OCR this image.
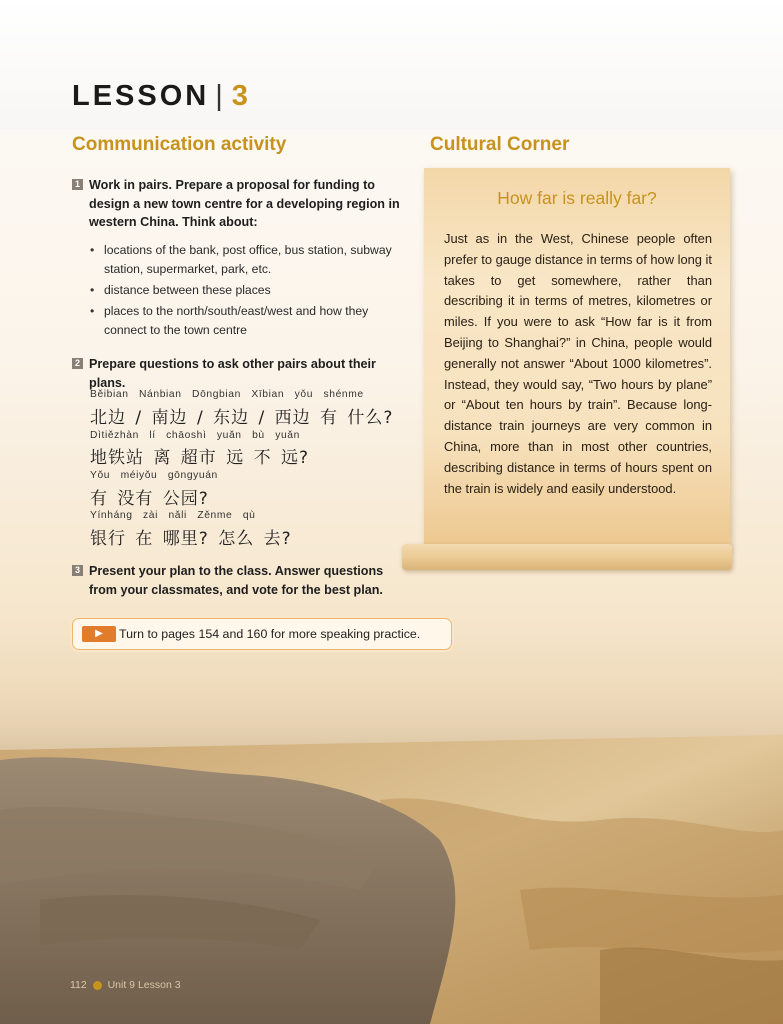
LESSON | 3
Communication activity	Cultural Corner
1 Work in pairs. Prepare a proposal for funding to design a new town centre for a developing region in western China. Think about:
• locations of the bank, post office, bus station, subway station, supermarket, park, etc.
• distance between these places
• places to the north/south/east/west and how they connect to the town centre
2 Prepare questions to ask other pairs about their plans.
Běibian Nánbian Dōngbian Xībian yǒu shénme
北边 / 南边 / 东边 / 西边 有 什么?
Dìtiězhàn lí chāoshì yuǎn bù yuǎn
地铁站 离 超市 远 不 远?
Yǒu méiyǒu gōngyuán
有 没有 公园?
Yínháng zài nǎli Zěnme qù
银行 在 哪里? 怎么 去?
3 Present your plan to the class. Answer questions from your classmates, and vote for the best plan.
▶	Turn to pages 154 and 160 for more speaking practice.
How far is really far?
Just as in the West, Chinese people often prefer to gauge distance in terms of how long it takes to get somewhere, rather than describing it in terms of metres, kilometres or miles. If you were to ask “How far is it from Beijing to Shanghai?” in China, people would generally not answer “About 1000 kilometres”. Instead, they would say, “Two hours by plane” or “About ten hours by train”. Because long-distance train journeys are very common in China, more than in most other countries, describing distance in terms of hours spent on the train is widely and easily understood.
112 Unit 9 Lesson 3
